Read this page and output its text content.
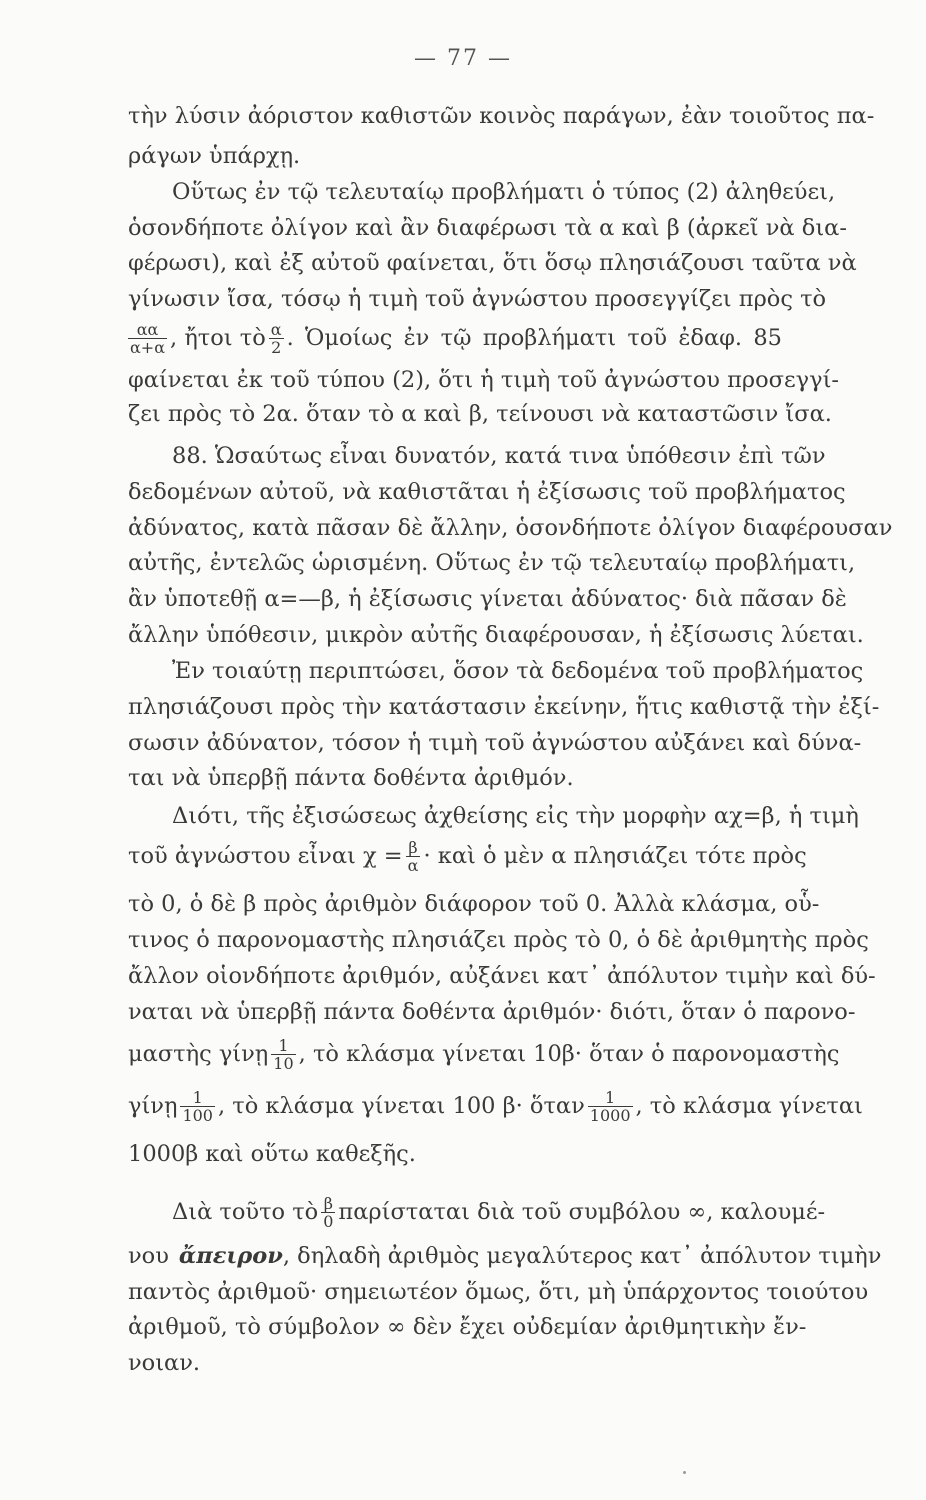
— 77 —
τὴν λύσιν ἀόριστον καθιστῶν κοινὸς παράγων, ἐὰν τοιοῦτος πα-
ράγων ὑπάρχῃ.
Οὕτως ἐν τῷ τελευταίῳ προβλήματι ὁ τύπος (2) ἀληθεύει,
ὁσονδήποτε ὀλίγον καὶ ἂν διαφέρωσι τὰ α καὶ β (ἀρκεῖ νὰ δια-
φέρωσι), καὶ ἐξ αὐτοῦ φαίνεται, ὅτι ὅσῳ πλησιάζουσι ταῦτα νὰ
γίνωσιν ἴσα, τόσῳ ἡ τιμὴ τοῦ ἀγνώστου προσεγγίζει πρὸς τὸ
$\frac{\alpha\alpha}{\alpha+\alpha}$ , ἤτοι τὸ $\frac{\alpha}{2}$ . Ὁμοίως ἐν τῷ προβλήματι τοῦ ἐδαφ. 85
φαίνεται ἐκ τοῦ τύπου (2), ὅτι ἡ τιμὴ τοῦ ἀγνώστου προσεγγί-
ζει πρὸς τὸ 2α. ὅταν τὸ α καὶ β, τείνουσι νὰ καταστῶσιν ἴσα.
88. Ὡσαύτως εἶναι δυνατόν, κατά τινα ὑπόθεσιν ἐπὶ τῶν
δεδομένων αὐτοῦ, νὰ καθιστᾶται ἡ ἐξίσωσις τοῦ προβλήματος
ἀδύνατος, κατὰ πᾶσαν δὲ ἄλλην, ὁσονδήποτε ὀλίγον διαφέρουσαν
αὐτῆς, ἐντελῶς ὡρισμένη. Οὕτως ἐν τῷ τελευταίῳ προβλήματι,
ἂν ὑποτεθῇ α=—β, ἡ ἐξίσωσις γίνεται ἀδύνατος· διὰ πᾶσαν δὲ
ἄλλην ὑπόθεσιν, μικρὸν αὐτῆς διαφέρουσαν, ἡ ἐξίσωσις λύεται.
Ἐν τοιαύτῃ περιπτώσει, ὅσον τὰ δεδομένα τοῦ προβλήματος
πλησιάζουσι πρὸς τὴν κατάστασιν ἐκείνην, ἥτις καθιστᾷ τὴν ἐξί-
σωσιν ἀδύνατον, τόσον ἡ τιμὴ τοῦ ἀγνώστου αὐξάνει καὶ δύνα-
ται νὰ ὑπερβῇ πάντα δοθέντα ἀριθμόν.
Διότι, τῆς ἐξισώσεως ἀχθείσης εἰς τὴν μορφὴν αχ=β, ἡ τιμὴ
τοῦ ἀγνώστου εἶναι $\chi = \frac{\beta}{\alpha}$ · καὶ ὁ μὲν α πλησιάζει τότε πρὸς
τὸ 0, ὁ δὲ β πρὸς ἀριθμὸν διάφορον τοῦ 0. Ἀλλὰ κλάσμα, οὗ-
τινος ὁ παρονομαστὴς πλησιάζει πρὸς τὸ 0, ὁ δὲ ἀριθμητὴς πρὸς
ἄλλον οἱονδήποτε ἀριθμόν, αὐξάνει κατ᾽ ἀπόλυτον τιμὴν καὶ δύ-
ναται νὰ ὑπερβῇ πάντα δοθέντα ἀριθμόν· διότι, ὅταν ὁ παρονο-
μαστὴς γίνῃ $\frac{1}{10}$ , τὸ κλάσμα γίνεται 10β· ὅταν ὁ παρονομαστὴς
γίνῃ $\frac{1}{100}$ , τὸ κλάσμα γίνεται 100 β· ὅταν $\frac{1}{1000}$ , τὸ κλάσμα γίνεται
1000β καὶ οὕτω καθεξῆς.
Διὰ τοῦτο τὸ $\frac{\beta}{0}$ παρίσταται διὰ τοῦ συμβόλου ∞, καλουμέ-
νου ἄπειρον , δηλαδὴ ἀριθμὸς μεγαλύτερος κατ᾽ ἀπόλυτον τιμὴν
παντὸς ἀριθμοῦ· σημειωτέον ὅμως, ὅτι, μὴ ὑπάρχοντος τοιούτου
ἀριθμοῦ, τὸ σύμβολον ∞ δὲν ἔχει οὐδεμίαν ἀριθμητικὴν ἔν-
νοιαν.
